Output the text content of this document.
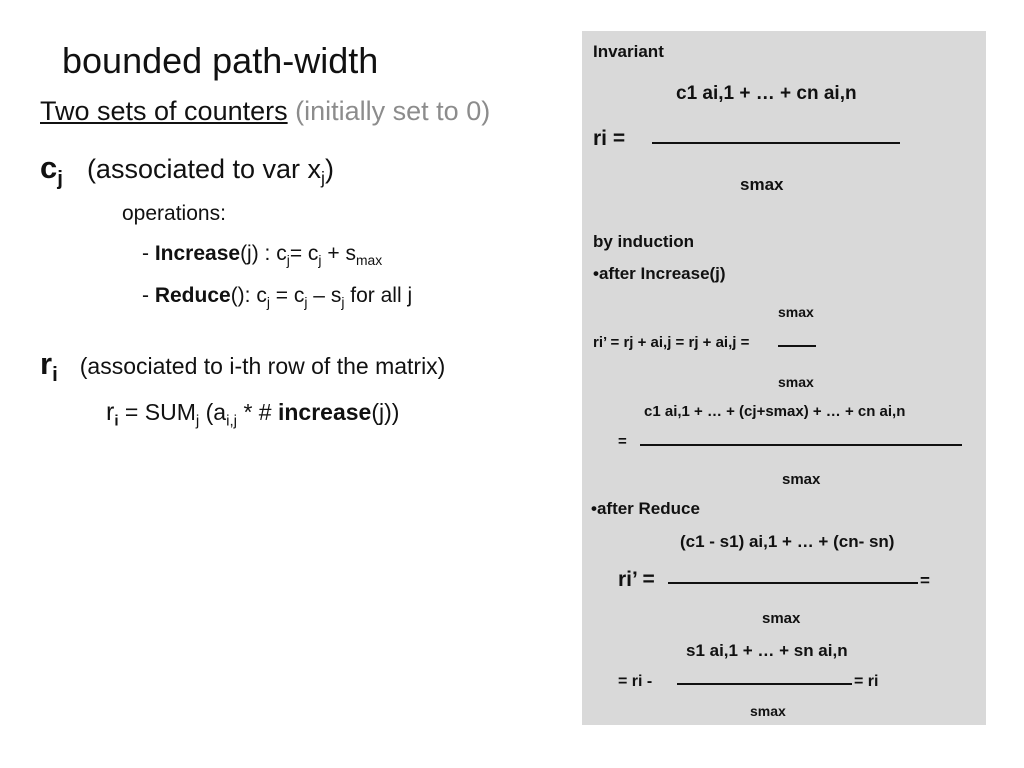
bounded path-width
Two sets of counters (initially set to 0)
$c_j$ (associated to var $x_j$)
operations:
- Increase(j) : $c_j= c_j + s_{max}$
- Reduce(): $c_j = c_j - s_j$ for all j
$r_i$ (associated to i-th row of the matrix)
$r_i = SUM_j$ ($a_{i,j}$ * # increase(j))
Invariant
c1 ai,1 + … + cn ai,n
ri =
smax
by induction
•after Increase(j)
smax
ri’ = rj + ai,j = rj + ai,j =
smax
c1 ai,1 + … + (cj+smax) + … + cn ai,n
=
smax
•after Reduce
(c1 - s1) ai,1 + … + (cn- sn)
ri’ =	=
smax
s1 ai,1 + … + sn ai,n
= ri -	= ri
smax
